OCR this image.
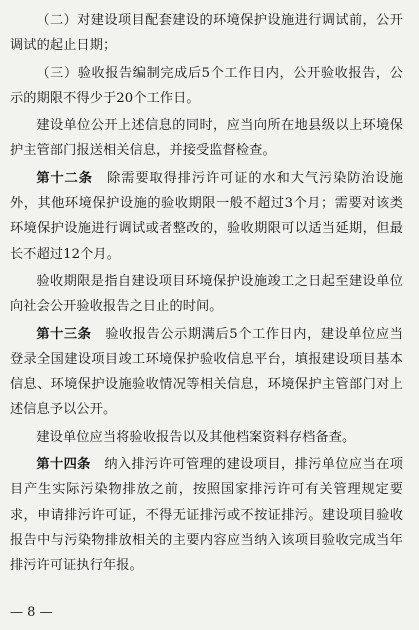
（二）对建设项目配套建设的环境保护设施进行调试前，公开调试的起止日期；

（三）验收报告编制完成后5个工作日内，公开验收报告，公示的期限不得少于20个工作日。

建设单位公开上述信息的同时，应当向所在地县级以上环境保护主管部门报送相关信息，并接受监督检查。

第十二条　 除需要取得排污许可证的水和大气污染防治设施外，其他环境保护设施的验收期限一般不超过3个月；需要对该类环境保护设施进行调试或者整改的，验收期限可以适当延期，但最长不超过12个月。

验收期限是指自建设项目环境保护设施竣工之日起至建设单位向社会公开验收报告之日止的时间。

第十三条　 验收报告公示期满后5个工作日内，建设单位应当登录全国建设项目竣工环境保护验收信息平台，填报建设项目基本信息、环境保护设施验收情况等相关信息，环境保护主管部门对上述信息予以公开。

建设单位应当将验收报告以及其他档案资料存档备查。

第十四条　 纳入排污许可管理的建设项目，排污单位应当在项目产生实际污染物排放之前，按照国家排污许可有关管理规定要求，申请排污许可证，不得无证排污或不按证排污。建设项目验收报告中与污染物排放相关的主要内容应当纳入该项目验收完成当年排污许可证执行年报。

— 8 —
